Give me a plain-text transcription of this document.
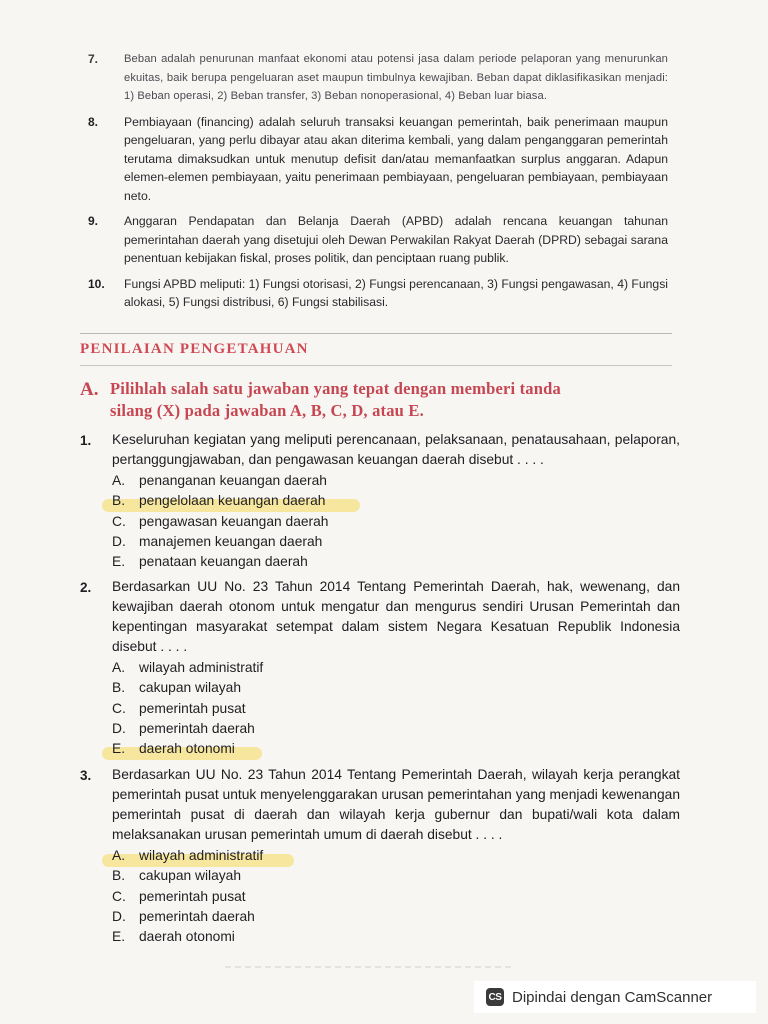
7.	Beban adalah penurunan manfaat ekonomi atau potensi jasa dalam periode pelaporan yang menurunkan ekuitas, baik berupa pengeluaran aset maupun timbulnya kewajiban. Beban dapat diklasifikasikan menjadi: 1) Beban operasi, 2) Beban transfer, 3) Beban nonoperasional, 4) Beban luar biasa.
8.	Pembiayaan (financing) adalah seluruh transaksi keuangan pemerintah, baik penerimaan maupun pengeluaran, yang perlu dibayar atau akan diterima kembali, yang dalam penganggaran pemerintah terutama dimaksudkan untuk menutup defisit dan/atau memanfaatkan surplus anggaran. Adapun elemen-elemen pembiayaan, yaitu penerimaan pembiayaan, pengeluaran pembiayaan, pembiayaan neto.
9.	Anggaran Pendapatan dan Belanja Daerah (APBD) adalah rencana keuangan tahunan pemerintahan daerah yang disetujui oleh Dewan Perwakilan Rakyat Daerah (DPRD) sebagai sarana penentuan kebijakan fiskal, proses politik, dan penciptaan ruang publik.
10.	Fungsi APBD meliputi: 1) Fungsi otorisasi, 2) Fungsi perencanaan, 3) Fungsi pengawasan, 4) Fungsi alokasi, 5) Fungsi distribusi, 6) Fungsi stabilisasi.
PENILAIAN PENGETAHUAN
A. Pilihlah salah satu jawaban yang tepat dengan memberi tanda
silang (X) pada jawaban A, B, C, D, atau E.
1.	Keseluruhan kegiatan yang meliputi perencanaan, pelaksanaan, penatausahaan, pelaporan, pertanggungjawaban, dan pengawasan keuangan daerah disebut . . . .
A.	penanganan keuangan daerah
B.	pengelolaan keuangan daerah
C. pengawasan keuangan daerah
D. manajemen keuangan daerah
E.	penataan keuangan daerah
2.	Berdasarkan UU No. 23 Tahun 2014 Tentang Pemerintah Daerah, hak, wewenang, dan kewajiban daerah otonom untuk mengatur dan mengurus sendiri Urusan Pemerintah dan kepentingan masyarakat setempat dalam sistem Negara Kesatuan Republik Indonesia disebut . . . .
A.	wilayah administratif
B.	cakupan wilayah
C. pemerintah pusat
D. pemerintah daerah
E.	daerah otonomi
3.	Berdasarkan UU No. 23 Tahun 2014 Tentang Pemerintah Daerah, wilayah kerja perangkat pemerintah pusat untuk menyelenggarakan urusan pemerintahan yang menjadi kewenangan pemerintah pusat di daerah dan wilayah kerja gubernur dan bupati/wali kota dalam melaksanakan urusan pemerintah umum di daerah disebut . . . .
A.	wilayah administratif
B.	cakupan wilayah
C. pemerintah pusat
D. pemerintah daerah
E.	daerah otonomi
CS Dipindai dengan CamScanner
